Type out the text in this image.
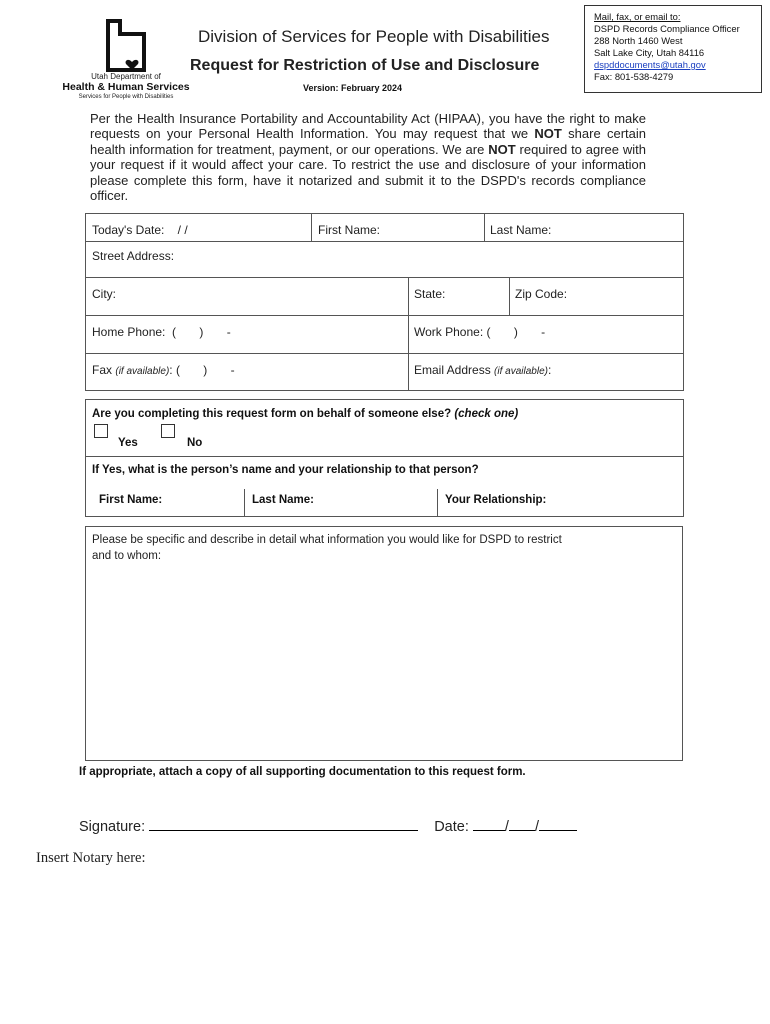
Utah Department of
Health & Human Services
Services for People with Disabilities
Division of Services for People with Disabilities
Request for Restriction of Use and Disclosure
Version: February 2024
Mail, fax, or email to:
DSPD Records Compliance Officer
288 North 1460 West
Salt Lake City, Utah 84116
dspddocuments@utah.gov
Fax: 801-538-4279
Per the Health Insurance Portability and Accountability Act (HIPAA), you have the right to make requests on your Personal Health Information. You may request that we NOT share certain health information for treatment, payment, or our operations. We are NOT required to agree with your request if it would affect your care. To restrict the use and disclosure of your information please complete this form, have it notarized and submit it to the DSPD's records compliance officer.
Today's Date: / /	First Name:	Last Name:
Street Address:
City:	State:	Zip Code:
Home Phone:  (       )       -	Work Phone: (       )       -
Fax (if available): (       )       -	Email Address (if available):
Are you completing this request form on behalf of someone else? (check one)
Yes	No
If Yes, what is the person’s name and your relationship to that person?
First Name:	Last Name:	Your Relationship:
Please be specific and describe in detail what information you would like for DSPD to restrict
and to whom:
If appropriate, attach a copy of all supporting documentation to this request form.
Signature:	Date: / /
Insert Notary here:
